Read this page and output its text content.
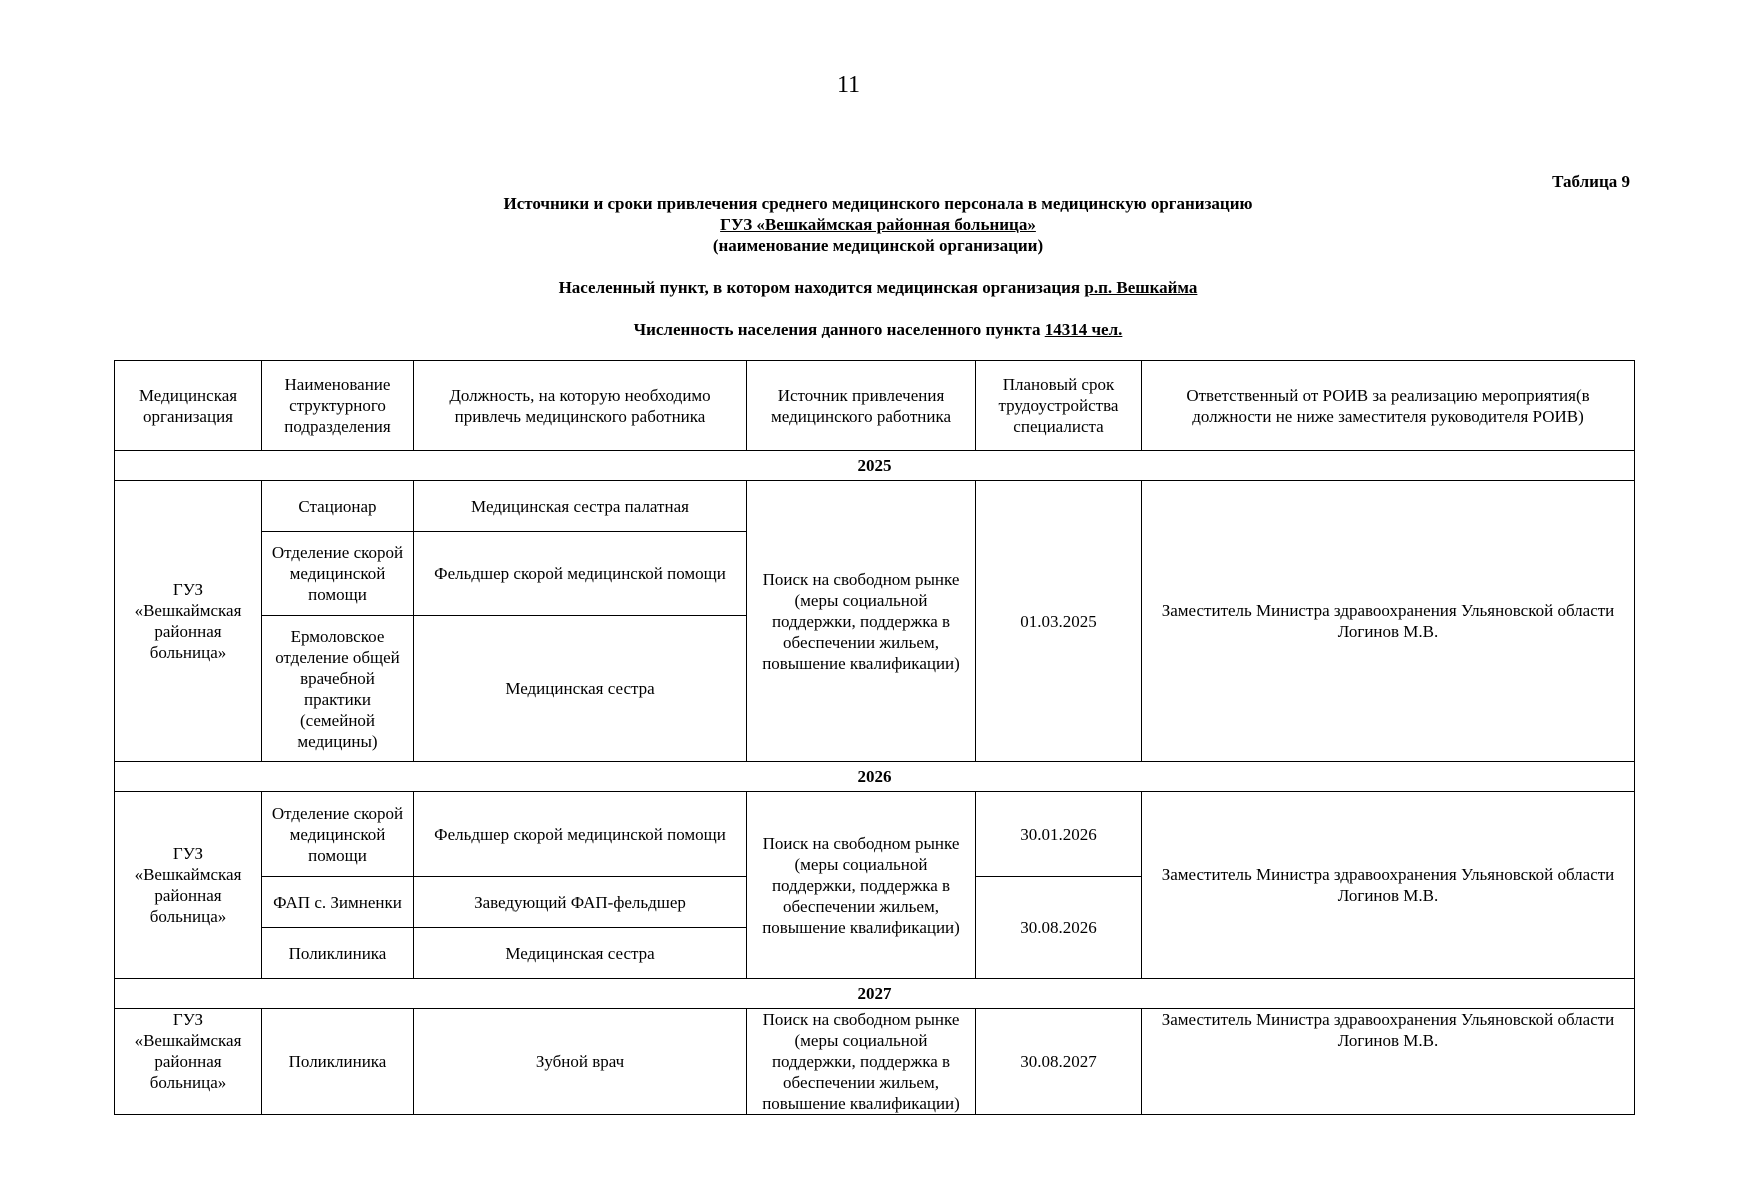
11
Таблица 9
Источники и сроки привлечения среднего медицинского персонала в медицинскую организацию
ГУЗ «Вешкаймская районная больница»
(наименование медицинской организации)
Населенный пункт, в котором находится медицинская организация р.п. Вешкайма
Численность населения данного населенного пункта 14314 чел.
Медицинская организация	Наименование структурного подразделения	Должность, на которую необходимо привлечь медицинского работника	Источник привлечения медицинского работника	Плановый срок трудоустройства специалиста	Ответственный от РОИВ за реализацию мероприятия(в должности не ниже заместителя руководителя РОИВ)
2025					
ГУЗ «Вешкаймская районная больница»	Стационар	Медицинская сестра палатная	Поиск на свободном рынке (меры социальной поддержки, поддержка в обеспечении жильем, повышение квалификации)	01.03.2025	Заместитель Министра здравоохранения Ульяновской области Логинов М.В.
	Отделение скорой медицинской помощи	Фельдшер скорой медицинской помощи			
	Ермоловское отделение общей врачебной практики (семейной медицины)	Медицинская сестра			
2026					
ГУЗ «Вешкаймская районная больница»	Отделение скорой медицинской помощи	Фельдшер скорой медицинской помощи	Поиск на свободном рынке (меры социальной поддержки, поддержка в обеспечении жильем, повышение квалификации)	30.01.2026	Заместитель Министра здравоохранения Ульяновской области Логинов М.В.
	ФАП с. Зимненки	Заведующий ФАП-фельдшер		30.08.2026	
	Поликлиника	Медицинская сестра			
2027					
ГУЗ «Вешкаймская районная больница»	Поликлиника	Зубной врач	Поиск на свободном рынке (меры социальной поддержки, поддержка в обеспечении жильем, повышение квалификации)	30.08.2027	Заместитель Министра здравоохранения Ульяновской области Логинов М.В.
